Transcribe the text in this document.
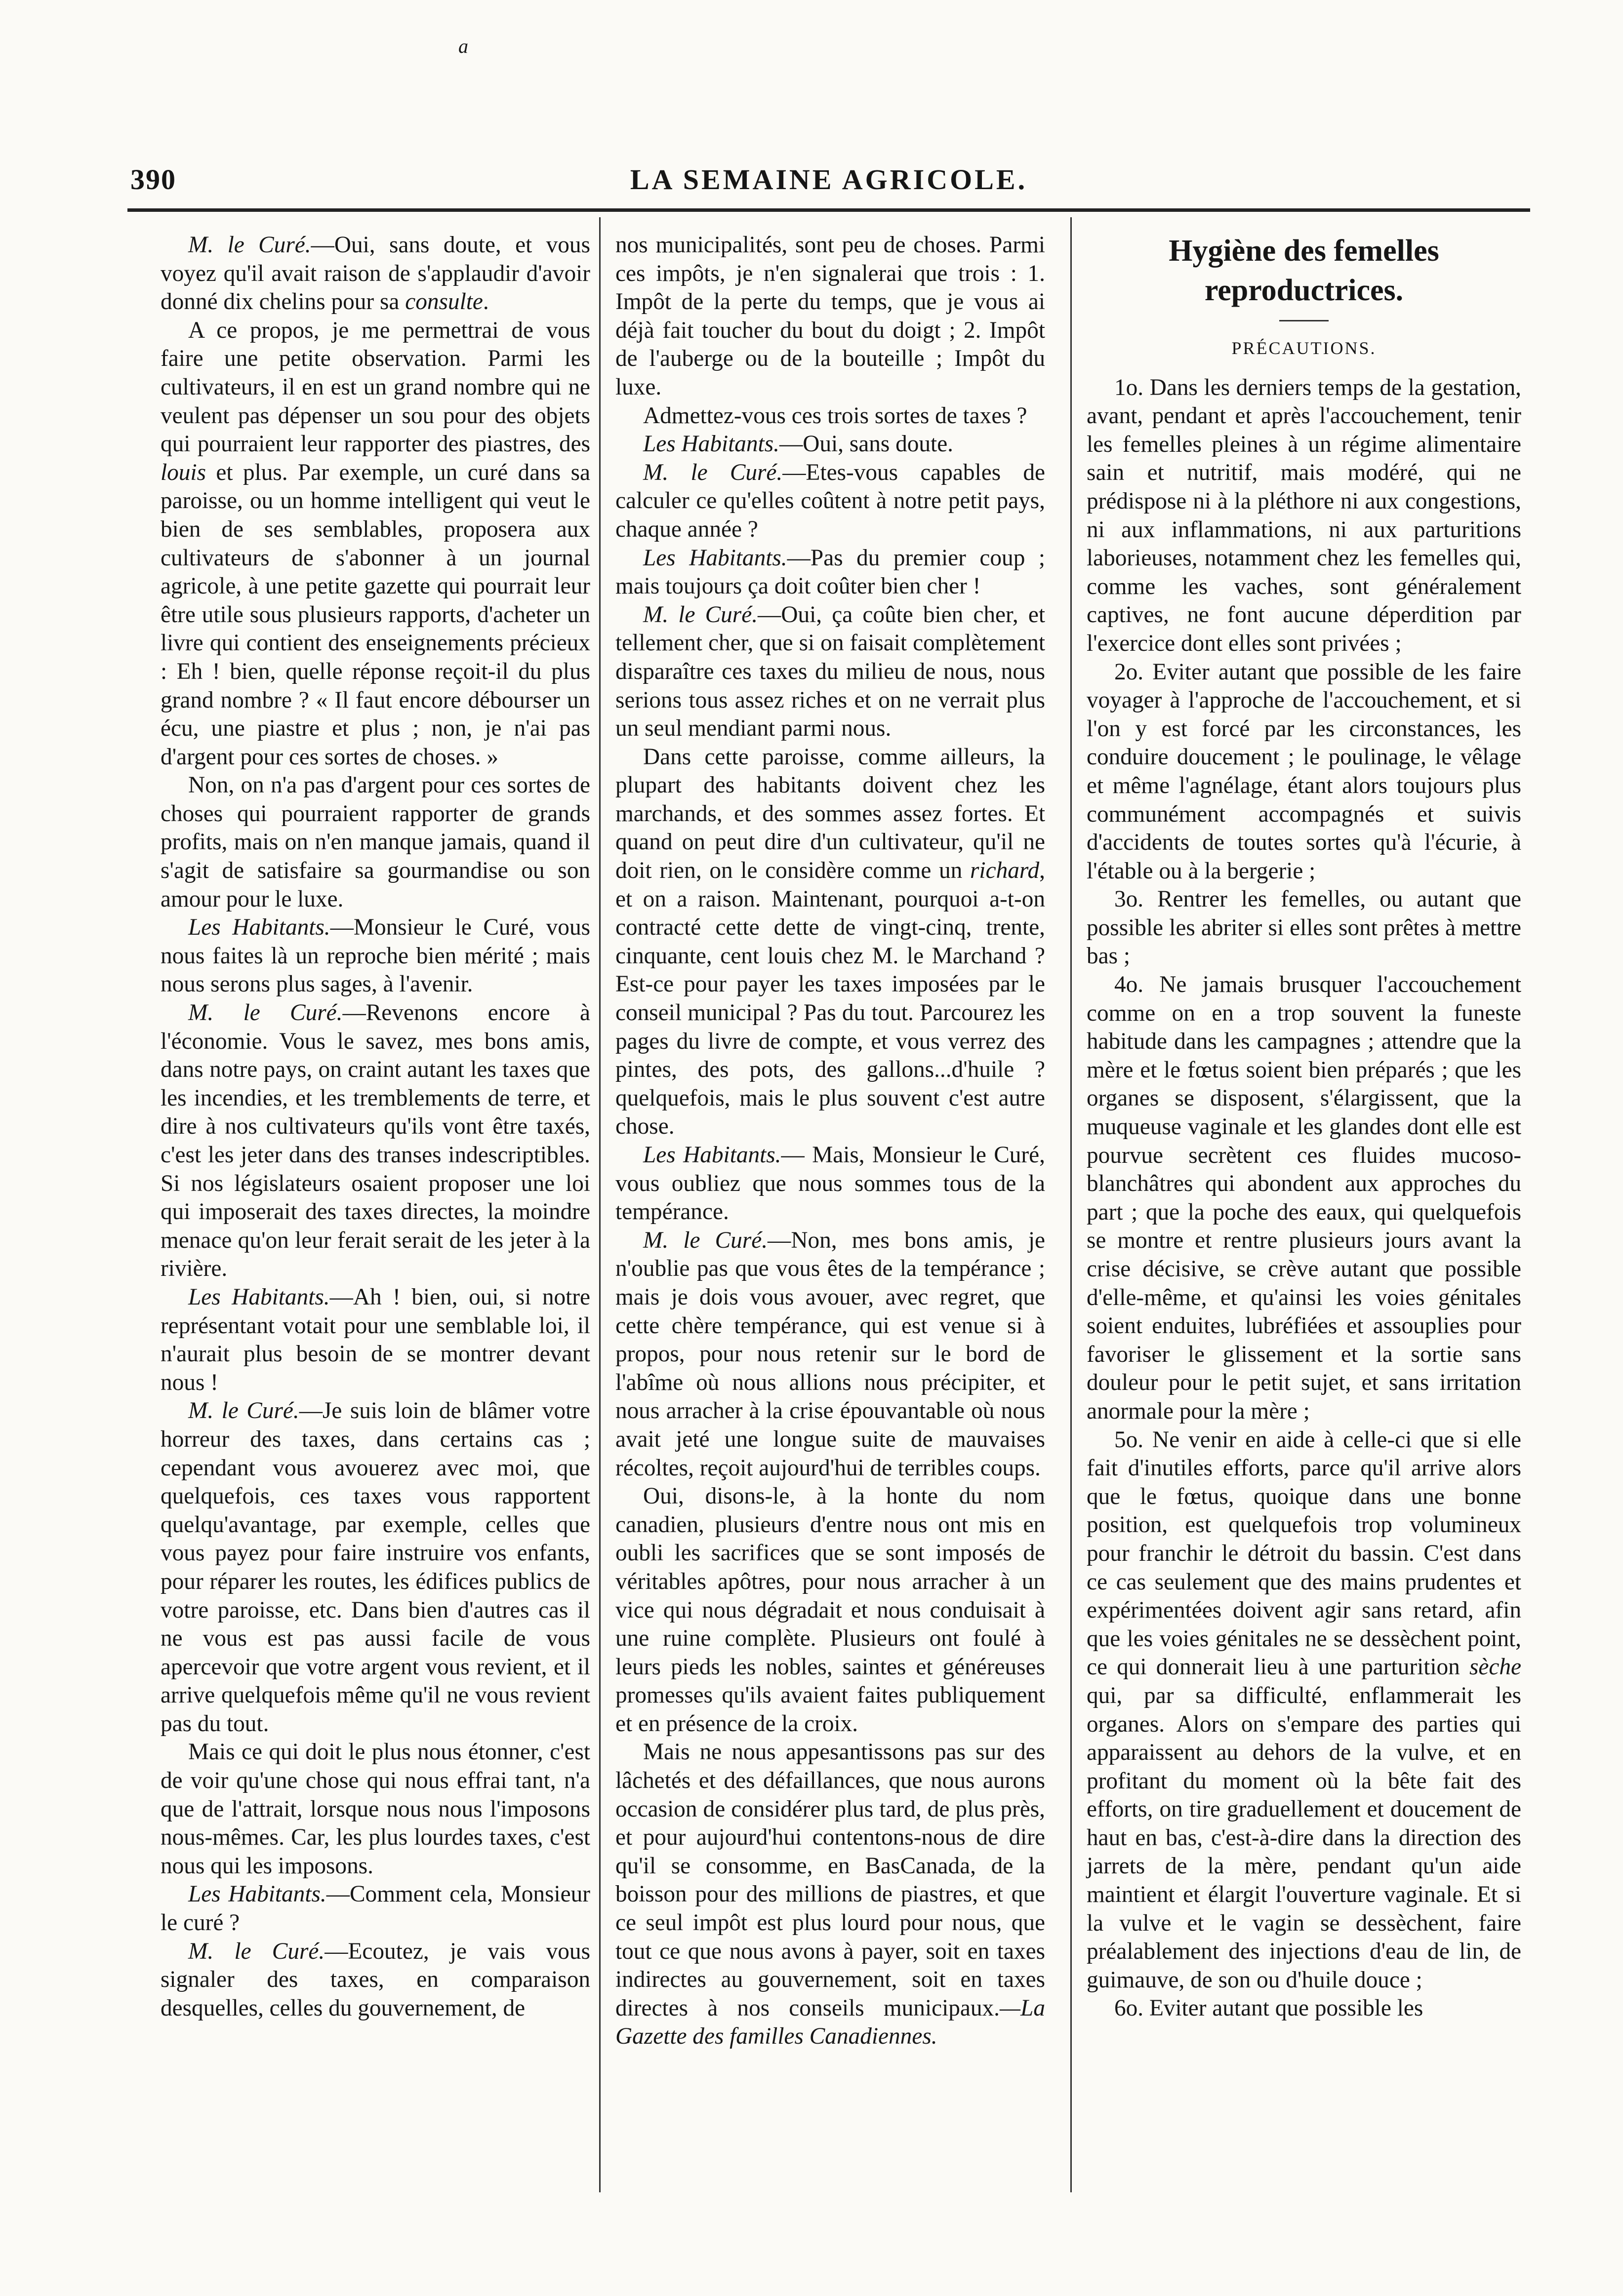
a
390	LA SEMAINE AGRICOLE.

M. le Curé.—Oui, sans doute, et vous voyez qu'il avait raison de s'applaudir d'avoir donné dix chelins pour sa consulte.

A ce propos, je me permettrai de vous faire une petite observation. Parmi les cultivateurs, il en est un grand nombre qui ne veulent pas dépenser un sou pour des objets qui pourraient leur rapporter des piastres, des louis et plus. Par exemple, un curé dans sa paroisse, ou un homme intelligent qui veut le bien de ses semblables, proposera aux cultivateurs de s'abonner à un journal agricole, à une petite gazette qui pourrait leur être utile sous plusieurs rapports, d'acheter un livre qui contient des enseignements précieux : Eh ! bien, quelle réponse reçoit-il du plus grand nombre ? « Il faut encore débourser un écu, une piastre et plus ; non, je n'ai pas d'argent pour ces sortes de choses. »

Non, on n'a pas d'argent pour ces sortes de choses qui pourraient rapporter de grands profits, mais on n'en manque jamais, quand il s'agit de satisfaire sa gourmandise ou son amour pour le luxe.

Les Habitants.—Monsieur le Curé, vous nous faites là un reproche bien mérité ; mais nous serons plus sages, à l'avenir.

M. le Curé.—Revenons encore à l'économie. Vous le savez, mes bons amis, dans notre pays, on craint autant les taxes que les incendies, et les tremblements de terre, et dire à nos cultivateurs qu'ils vont être taxés, c'est les jeter dans des transes indescriptibles. Si nos législateurs osaient proposer une loi qui imposerait des taxes directes, la moindre menace qu'on leur ferait serait de les jeter à la rivière.

Les Habitants.—Ah ! bien, oui, si notre représentant votait pour une semblable loi, il n'aurait plus besoin de se montrer devant nous !

M. le Curé.—Je suis loin de blâmer votre horreur des taxes, dans certains cas ; cependant vous avouerez avec moi, que quelquefois, ces taxes vous rapportent quelqu'avantage, par exemple, celles que vous payez pour faire instruire vos enfants, pour réparer les routes, les édifices publics de votre paroisse, etc. Dans bien d'autres cas il ne vous est pas aussi facile de vous apercevoir que votre argent vous revient, et il arrive quelquefois même qu'il ne vous revient pas du tout.

Mais ce qui doit le plus nous étonner, c'est de voir qu'une chose qui nous effrai tant, n'a que de l'attrait, lorsque nous nous l'imposons nous-mêmes. Car, les plus lourdes taxes, c'est nous qui les imposons.

Les Habitants.—Comment cela, Monsieur le curé ?

M. le Curé.—Ecoutez, je vais vous signaler des taxes, en comparaison desquelles, celles du gouvernement, de

nos municipalités, sont peu de choses. Parmi ces impôts, je n'en signalerai que trois : 1. Impôt de la perte du temps, que je vous ai déjà fait toucher du bout du doigt ; 2. Impôt de l'auberge ou de la bouteille ; Impôt du luxe.

Admettez-vous ces trois sortes de taxes ?

Les Habitants.—Oui, sans doute.

M. le Curé.—Etes-vous capables de calculer ce qu'elles coûtent à notre petit pays, chaque année ?

Les Habitants.—Pas du premier coup ; mais toujours ça doit coûter bien cher !

M. le Curé.—Oui, ça coûte bien cher, et tellement cher, que si on faisait complètement disparaître ces taxes du milieu de nous, nous serions tous assez riches et on ne verrait plus un seul mendiant parmi nous.

Dans cette paroisse, comme ailleurs, la plupart des habitants doivent chez les marchands, et des sommes assez fortes. Et quand on peut dire d'un cultivateur, qu'il ne doit rien, on le considère comme un richard, et on a raison. Maintenant, pourquoi a-t-on contracté cette dette de vingt-cinq, trente, cinquante, cent louis chez M. le Marchand ? Est-ce pour payer les taxes imposées par le conseil municipal ? Pas du tout. Parcourez les pages du livre de compte, et vous verrez des pintes, des pots, des gallons...d'huile ? quelquefois, mais le plus souvent c'est autre chose.

Les Habitants.— Mais, Monsieur le Curé, vous oubliez que nous sommes tous de la tempérance.

M. le Curé.—Non, mes bons amis, je n'oublie pas que vous êtes de la tempérance ; mais je dois vous avouer, avec regret, que cette chère tempérance, qui est venue si à propos, pour nous retenir sur le bord de l'abîme où nous allions nous précipiter, et nous arracher à la crise épouvantable où nous avait jeté une longue suite de mauvaises récoltes, reçoit aujourd'hui de terribles coups.

Oui, disons-le, à la honte du nom canadien, plusieurs d'entre nous ont mis en oubli les sacrifices que se sont imposés de véritables apôtres, pour nous arracher à un vice qui nous dégradait et nous conduisait à une ruine complète. Plusieurs ont foulé à leurs pieds les nobles, saintes et généreuses promesses qu'ils avaient faites publiquement et en présence de la croix.

Mais ne nous appesantissons pas sur des lâchetés et des défaillances, que nous aurons occasion de considérer plus tard, de plus près, et pour aujourd'hui contentons-nous de dire qu'il se consomme, en BasCanada, de la boisson pour des millions de piastres, et que ce seul impôt est plus lourd pour nous, que tout ce que nous avons à payer, soit en taxes indirectes au gouvernement, soit en taxes directes à nos conseils municipaux.—La Gazette des familles Canadiennes.

Hygiène des femelles reproductrices.
PRÉCAUTIONS.

1o. Dans les derniers temps de la gestation, avant, pendant et après l'accouchement, tenir les femelles pleines à un régime alimentaire sain et nutritif, mais modéré, qui ne prédispose ni à la pléthore ni aux congestions, ni aux inflammations, ni aux parturitions laborieuses, notamment chez les femelles qui, comme les vaches, sont généralement captives, ne font aucune déperdition par l'exercice dont elles sont privées ;

2o. Eviter autant que possible de les faire voyager à l'approche de l'accouchement, et si l'on y est forcé par les circonstances, les conduire doucement ; le poulinage, le vêlage et même l'agnélage, étant alors toujours plus communément accompagnés et suivis d'accidents de toutes sortes qu'à l'écurie, à l'étable ou à la bergerie ;

3o. Rentrer les femelles, ou autant que possible les abriter si elles sont prêtes à mettre bas ;

4o. Ne jamais brusquer l'accouchement comme on en a trop souvent la funeste habitude dans les campagnes ; attendre que la mère et le fœtus soient bien préparés ; que les organes se disposent, s'élargissent, que la muqueuse vaginale et les glandes dont elle est pourvue secrètent ces fluides mucoso-blanchâtres qui abondent aux approches du part ; que la poche des eaux, qui quelquefois se montre et rentre plusieurs jours avant la crise décisive, se crève autant que possible d'elle-même, et qu'ainsi les voies génitales soient enduites, lubréfiées et assouplies pour favoriser le glissement et la sortie sans douleur pour le petit sujet, et sans irritation anormale pour la mère ;

5o. Ne venir en aide à celle-ci que si elle fait d'inutiles efforts, parce qu'il arrive alors que le fœtus, quoique dans une bonne position, est quelquefois trop volumineux pour franchir le détroit du bassin. C'est dans ce cas seulement que des mains prudentes et expérimentées doivent agir sans retard, afin que les voies génitales ne se dessèchent point, ce qui donnerait lieu à une parturition sèche qui, par sa difficulté, enflammerait les organes. Alors on s'empare des parties qui apparaissent au dehors de la vulve, et en profitant du moment où la bête fait des efforts, on tire graduellement et doucement de haut en bas, c'est-à-dire dans la direction des jarrets de la mère, pendant qu'un aide maintient et élargit l'ouverture vaginale. Et si la vulve et le vagin se dessèchent, faire préalablement des injections d'eau de lin, de guimauve, de son ou d'huile douce ;

6o. Eviter autant que possible les
